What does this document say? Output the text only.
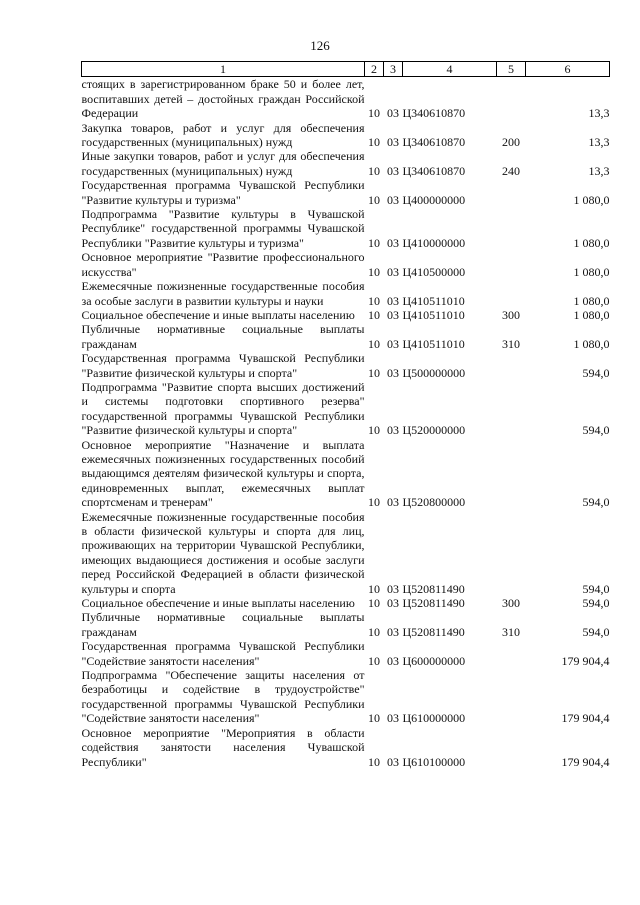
126
1	2	3	4	5	6
стоящих в зарегистрированном браке 50 и более лет, воспитавших детей – достойных граждан Российской Федерации	10	03	Ц340610870		13,3
Закупка товаров, работ и услуг для обеспечения государственных (муниципальных) нужд	10	03	Ц340610870	200	13,3
Иные закупки товаров, работ и услуг для обеспечения государственных (муниципальных) нужд	10	03	Ц340610870	240	13,3
Государственная программа Чувашской Республики "Развитие культуры и туризма"	10	03	Ц400000000		1 080,0
Подпрограмма "Развитие культуры в Чувашской Республике" государственной программы Чувашской Республики "Развитие культуры и туризма"	10	03	Ц410000000		1 080,0
Основное мероприятие "Развитие профессионального искусства"	10	03	Ц410500000		1 080,0
Ежемесячные пожизненные государственные пособия за особые заслуги в развитии культуры и науки	10	03	Ц410511010		1 080,0
Социальное обеспечение и иные выплаты населению	10	03	Ц410511010	300	1 080,0
Публичные нормативные социальные выплаты гражданам	10	03	Ц410511010	310	1 080,0
Государственная программа Чувашской Республики "Развитие физической культуры и спорта"	10	03	Ц500000000		594,0
Подпрограмма "Развитие спорта высших достижений и системы подготовки спортивного резерва" государственной программы Чувашской Республики "Развитие физической культуры и спорта"	10	03	Ц520000000		594,0
Основное мероприятие "Назначение и выплата ежемесячных пожизненных государственных пособий выдающимся деятелям физической культуры и спорта, единовременных выплат, ежемесячных выплат спортсменам и тренерам"	10	03	Ц520800000		594,0
Ежемесячные пожизненные государственные пособия в области физической культуры и спорта для лиц, проживающих на территории Чувашской Республики, имеющих выдающиеся достижения и особые заслуги перед Российской Федерацией в области физической культуры и спорта	10	03	Ц520811490		594,0
Социальное обеспечение и иные выплаты населению	10	03	Ц520811490	300	594,0
Публичные нормативные социальные выплаты гражданам	10	03	Ц520811490	310	594,0
Государственная программа Чувашской Республики "Содействие занятости населения"	10	03	Ц600000000		179 904,4
Подпрограмма "Обеспечение защиты населения от безработицы и содействие в трудоустройстве" государственной программы Чувашской Республики "Содействие занятости населения"	10	03	Ц610000000		179 904,4
Основное мероприятие "Мероприятия в области содействия занятости населения Чувашской Республики"	10	03	Ц610100000		179 904,4
